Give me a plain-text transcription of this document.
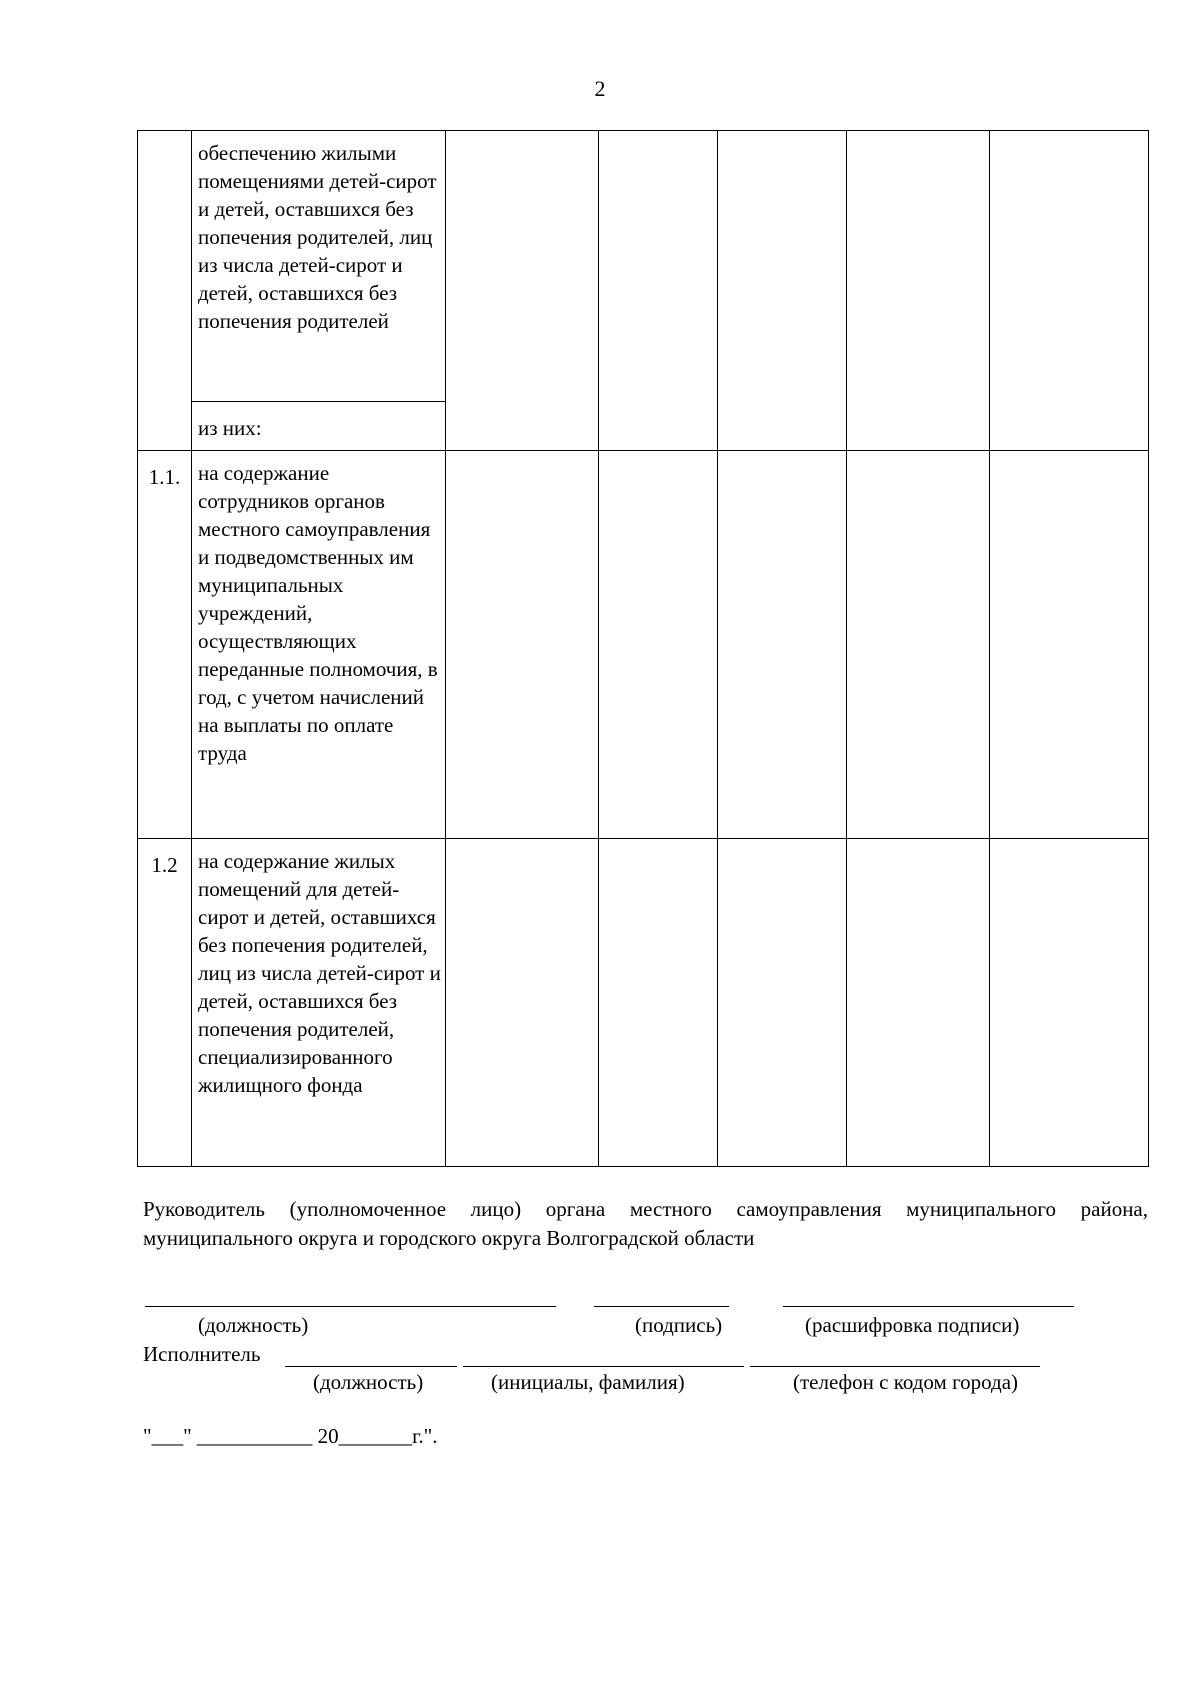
2
	обеспечению жилыми помещениями детей-сирот и детей, оставшихся без попечения родителей, лиц из числа детей-сирот и детей, оставшихся без попечения родителей					
	из них:					
1.1.	на содержание сотрудников органов местного самоуправления и подведомственных им муниципальных учреждений, осуществляющих переданные полномочия, в год, с учетом начислений на выплаты по оплате труда					
1.2	на содержание жилых помещений для детей-сирот и детей, оставшихся без попечения родителей, лиц из числа детей-сирот и детей, оставшихся без попечения родителей, специализированного жилищного фонда					
Руководитель (уполномоченное лицо) органа местного самоуправления муниципального района, муниципального округа и городского округа Волгоградской области
(должность)	(подпись)	(расшифровка подписи)
Исполнитель
(должность)	(инициалы, фамилия)	(телефон с кодом города)
"___" ___________ 20_______г.".
